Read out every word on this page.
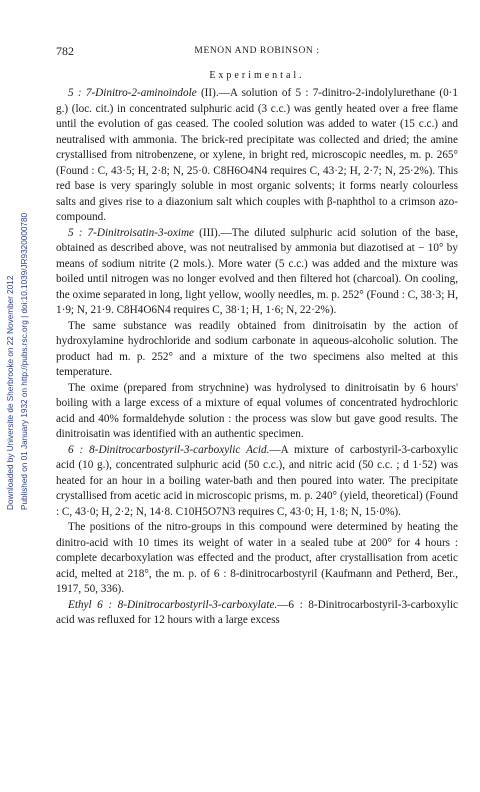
Downloaded by Universite de Sherbrooke on 22 November 2012 Published on 01 January 1932 on http://pubs.rsc.org | doi:10.1039/JR9320000780
782	MENON AND ROBINSON :
Experimental.

5 : 7-Dinitro-2-aminoindole (II).—A solution of 5 : 7-dinitro-2-indolylurethane (0·1 g.) (loc. cit.) in concentrated sulphuric acid (3 c.c.) was gently heated over a free flame until the evolution of gas ceased. The cooled solution was added to water (15 c.c.) and neutralised with ammonia. The brick-red precipitate was collected and dried; the amine crystallised from nitrobenzene, or xylene, in bright red, microscopic needles, m. p. 265° (Found : C, 43·5; H, 2·8; N, 25·0. C8H6O4N4 requires C, 43·2; H, 2·7; N, 25·2%). This red base is very sparingly soluble in most organic solvents; it forms nearly colourless salts and gives rise to a diazonium salt which couples with β-naphthol to a crimson azo-compound.

5 : 7-Dinitroisatin-3-oxime (III).—The diluted sulphuric acid solution of the base, obtained as described above, was not neutralised by ammonia but diazotised at − 10° by means of sodium nitrite (2 mols.). More water (5 c.c.) was added and the mixture was boiled until nitrogen was no longer evolved and then filtered hot (charcoal). On cooling, the oxime separated in long, light yellow, woolly needles, m. p. 252° (Found : C, 38·3; H, 1·9; N, 21·9. C8H4O6N4 requires C, 38·1; H, 1·6; N, 22·2%).

The same substance was readily obtained from dinitroisatin by the action of hydroxylamine hydrochloride and sodium carbonate in aqueous-alcoholic solution. The product had m. p. 252° and a mixture of the two specimens also melted at this temperature.

The oxime (prepared from strychnine) was hydrolysed to dinitroisatin by 6 hours' boiling with a large excess of a mixture of equal volumes of concentrated hydrochloric acid and 40% formaldehyde solution : the process was slow but gave good results. The dinitroisatin was identified with an authentic specimen.

6 : 8-Dinitrocarbostyril-3-carboxylic Acid.—A mixture of carbostyril-3-carboxylic acid (10 g.), concentrated sulphuric acid (50 c.c.), and nitric acid (50 c.c. ; d 1·52) was heated for an hour in a boiling water-bath and then poured into water. The precipitate crystallised from acetic acid in microscopic prisms, m. p. 240° (yield, theoretical) (Found : C, 43·0; H, 2·2; N, 14·8. C10H5O7N3 requires C, 43·0; H, 1·8; N, 15·0%).

The positions of the nitro-groups in this compound were determined by heating the dinitro-acid with 10 times its weight of water in a sealed tube at 200° for 4 hours : complete decarboxylation was effected and the product, after crystallisation from acetic acid, melted at 218°, the m. p. of 6 : 8-dinitrocarbostyril (Kaufmann and Petherd, Ber., 1917, 50, 336).

Ethyl 6 : 8-Dinitrocarbostyril-3-carboxylate.—6 : 8-Dinitrocarbostyril-3-carboxylic acid was refluxed for 12 hours with a large excess
